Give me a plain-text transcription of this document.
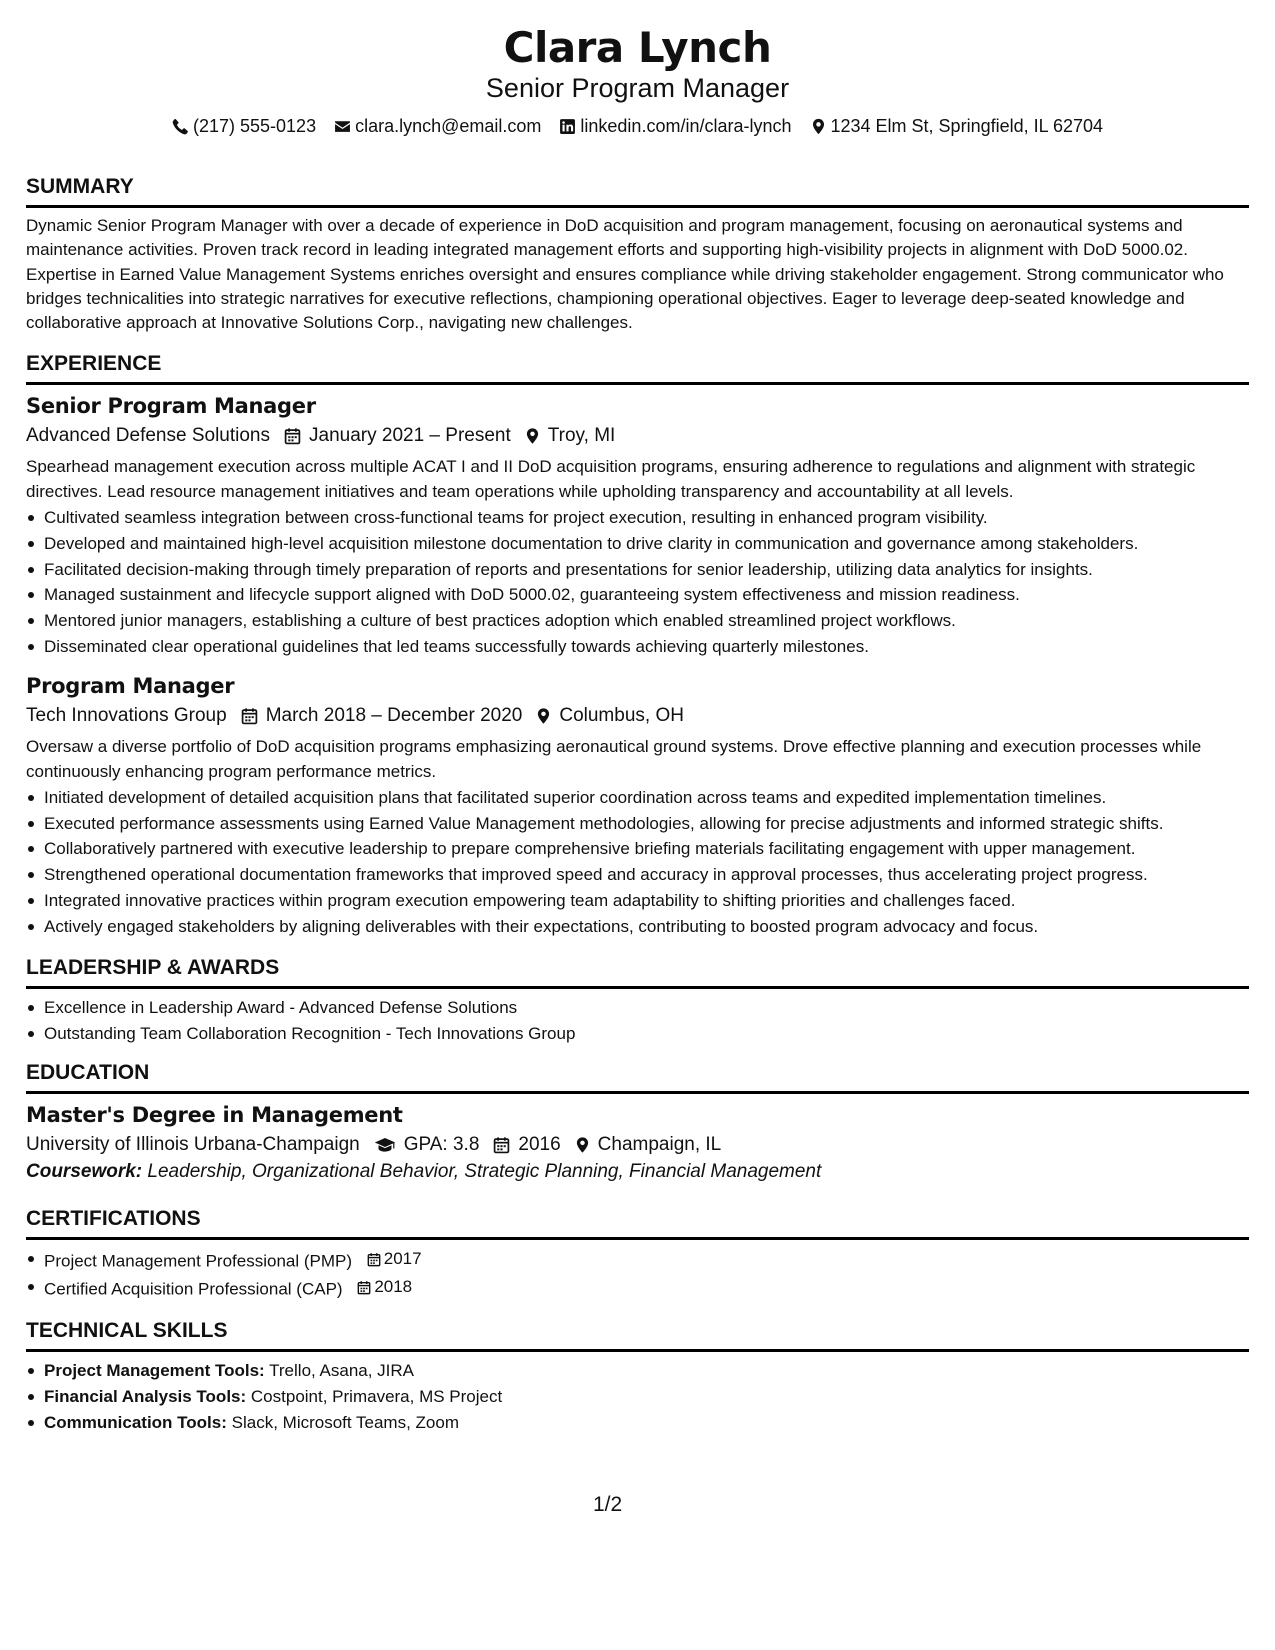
Clara Lynch
Senior Program Manager
(217) 555-0123 clara.lynch@email.com linkedin.com/in/clara-lynch 1234 Elm St, Springfield, IL 62704
SUMMARY
Dynamic Senior Program Manager with over a decade of experience in DoD acquisition and program management, focusing on aeronautical systems and maintenance activities. Proven track record in leading integrated management efforts and supporting high-visibility projects in alignment with DoD 5000.02. Expertise in Earned Value Management Systems enriches oversight and ensures compliance while driving stakeholder engagement. Strong communicator who bridges technicalities into strategic narratives for executive reflections, championing operational objectives. Eager to leverage deep-seated knowledge and collaborative approach at Innovative Solutions Corp., navigating new challenges.
EXPERIENCE
Senior Program Manager
Advanced Defense Solutions January 2021 – Present Troy, MI
Spearhead management execution across multiple ACAT I and II DoD acquisition programs, ensuring adherence to regulations and alignment with strategic directives. Lead resource management initiatives and team operations while upholding transparency and accountability at all levels.
Cultivated seamless integration between cross-functional teams for project execution, resulting in enhanced program visibility.
Developed and maintained high-level acquisition milestone documentation to drive clarity in communication and governance among stakeholders.
Facilitated decision-making through timely preparation of reports and presentations for senior leadership, utilizing data analytics for insights.
Managed sustainment and lifecycle support aligned with DoD 5000.02, guaranteeing system effectiveness and mission readiness.
Mentored junior managers, establishing a culture of best practices adoption which enabled streamlined project workflows.
Disseminated clear operational guidelines that led teams successfully towards achieving quarterly milestones.
Program Manager
Tech Innovations Group March 2018 – December 2020 Columbus, OH
Oversaw a diverse portfolio of DoD acquisition programs emphasizing aeronautical ground systems. Drove effective planning and execution processes while continuously enhancing program performance metrics.
Initiated development of detailed acquisition plans that facilitated superior coordination across teams and expedited implementation timelines.
Executed performance assessments using Earned Value Management methodologies, allowing for precise adjustments and informed strategic shifts.
Collaboratively partnered with executive leadership to prepare comprehensive briefing materials facilitating engagement with upper management.
Strengthened operational documentation frameworks that improved speed and accuracy in approval processes, thus accelerating project progress.
Integrated innovative practices within program execution empowering team adaptability to shifting priorities and challenges faced.
Actively engaged stakeholders by aligning deliverables with their expectations, contributing to boosted program advocacy and focus.
LEADERSHIP & AWARDS
Excellence in Leadership Award - Advanced Defense Solutions
Outstanding Team Collaboration Recognition - Tech Innovations Group
EDUCATION
Master's Degree in Management
University of Illinois Urbana-Champaign GPA: 3.8 2016 Champaign, IL
Coursework: Leadership, Organizational Behavior, Strategic Planning, Financial Management
CERTIFICATIONS
Project Management Professional (PMP) 2017
Certified Acquisition Professional (CAP) 2018
TECHNICAL SKILLS
Project Management Tools: Trello, Asana, JIRA
Financial Analysis Tools: Costpoint, Primavera, MS Project
Communication Tools: Slack, Microsoft Teams, Zoom
1/2
